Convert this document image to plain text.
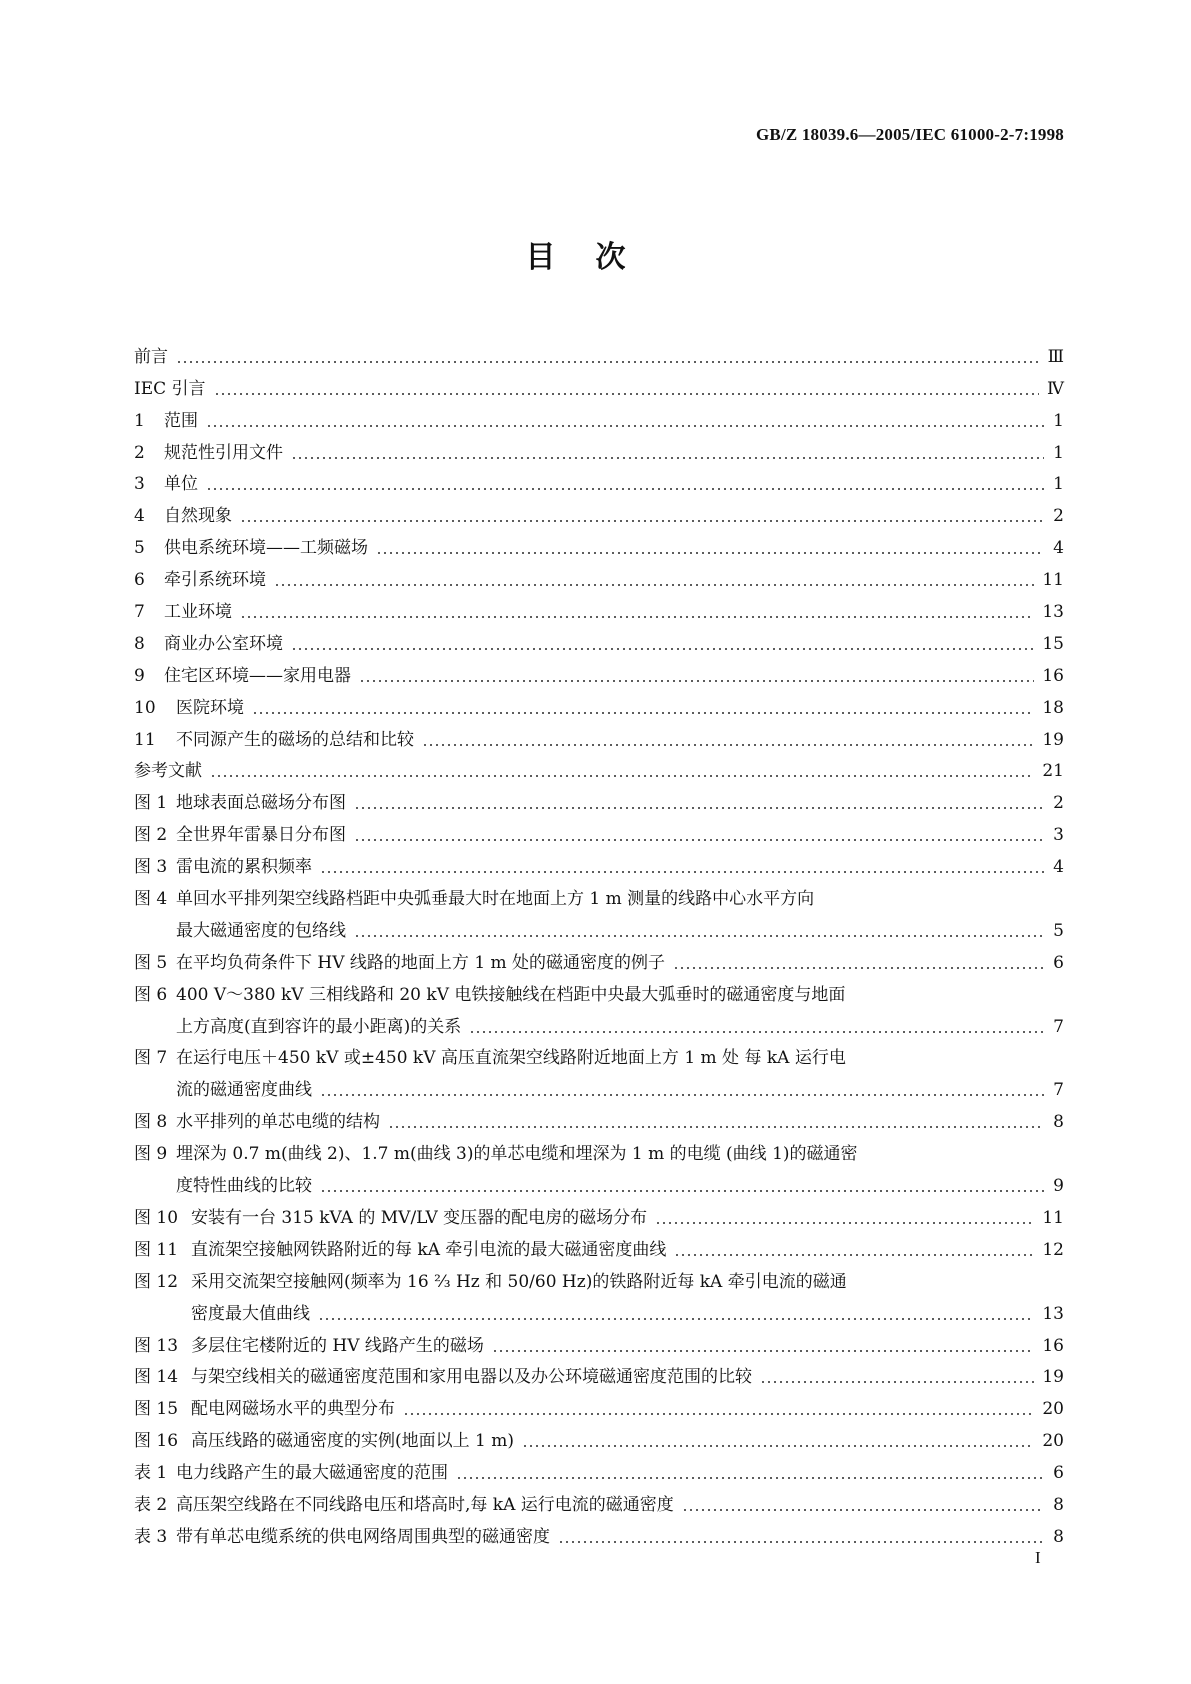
GB/Z 18039.6—2005/IEC 61000-2-7:1998
目次
前言	Ⅲ
IEC 引言	Ⅳ
1	范围	1
2	规范性引用文件	1
3	单位	1
4	自然现象	2
5	供电系统环境——工频磁场	4
6	牵引系统环境	11
7	工业环境	13
8	商业办公室环境	15
9	住宅区环境——家用电器	16
10	医院环境	18
11	不同源产生的磁场的总结和比较	19
参考文献	21
图 1 地球表面总磁场分布图	2
图 2 全世界年雷暴日分布图	3
图 3 雷电流的累积频率	4
图 4 单回水平排列架空线路档距中央弧垂最大时在地面上方 1 m 测量的线路中心水平方向
最大磁通密度的包络线	5
图 5 在平均负荷条件下 HV 线路的地面上方 1 m 处的磁通密度的例子	6
图 6 400 V～380 kV 三相线路和 20 kV 电铁接触线在档距中央最大弧垂时的磁通密度与地面
上方高度(直到容许的最小距离)的关系	7
图 7 在运行电压＋450 kV 或±450 kV 高压直流架空线路附近地面上方 1 m 处 每 kA 运行电
流的磁通密度曲线	7
图 8 水平排列的单芯电缆的结构	8
图 9 埋深为 0.7 m(曲线 2)、1.7 m(曲线 3)的单芯电缆和埋深为 1 m 的电缆 (曲线 1)的磁通密
度特性曲线的比较	9
图 10 安装有一台 315 kVA 的 MV/LV 变压器的配电房的磁场分布	11
图 11 直流架空接触网铁路附近的每 kA 牵引电流的最大磁通密度曲线	12
图 12 采用交流架空接触网(频率为 16 ⅔ Hz 和 50/60 Hz)的铁路附近每 kA 牵引电流的磁通
密度最大值曲线	13
图 13 多层住宅楼附近的 HV 线路产生的磁场	16
图 14 与架空线相关的磁通密度范围和家用电器以及办公环境磁通密度范围的比较	19
图 15 配电网磁场水平的典型分布	20
图 16 高压线路的磁通密度的实例(地面以上 1 m)	20
表 1 电力线路产生的最大磁通密度的范围	6
表 2 高压架空线路在不同线路电压和塔高时,每 kA 运行电流的磁通密度	8
表 3 带有单芯电缆系统的供电网络周围典型的磁通密度	8
I
